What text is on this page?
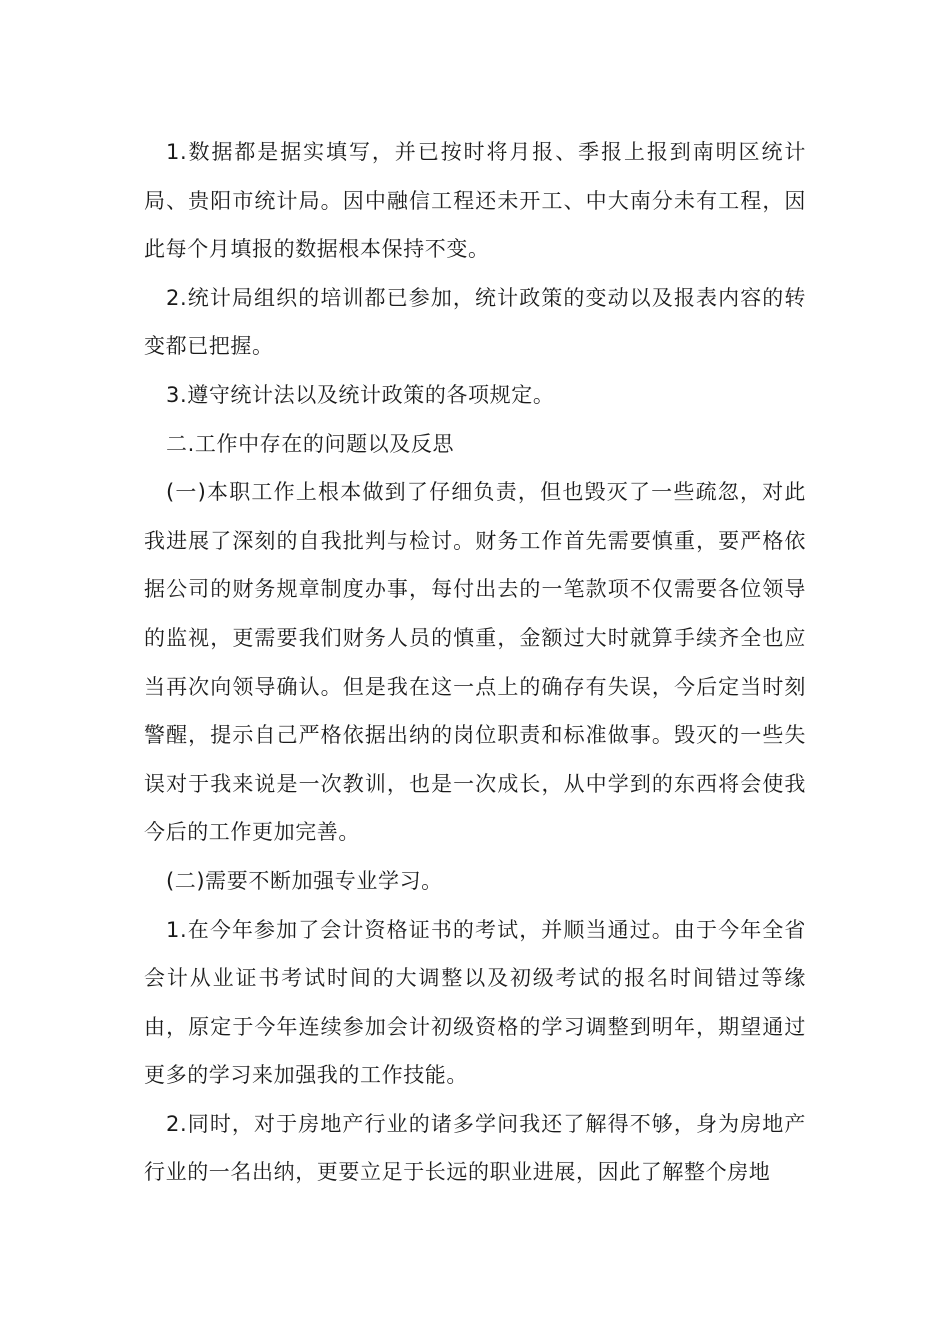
1.数据都是据实填写，并已按时将月报、季报上报到南明区统计局、贵阳市统计局。因中融信工程还未开工、中大南分未有工程，因此每个月填报的数据根本保持不变。

2.统计局组织的培训都已参加，统计政策的变动以及报表内容的转变都已把握。

3.遵守统计法以及统计政策的各项规定。

二.工作中存在的问题以及反思

(一)本职工作上根本做到了仔细负责，但也毁灭了一些疏忽，对此我进展了深刻的自我批判与检讨。财务工作首先需要慎重，要严格依据公司的财务规章制度办事，每付出去的一笔款项不仅需要各位领导的监视，更需要我们财务人员的慎重，金额过大时就算手续齐全也应当再次向领导确认。但是我在这一点上的确存有失误，今后定当时刻警醒，提示自己严格依据出纳的岗位职责和标准做事。毁灭的一些失误对于我来说是一次教训，也是一次成长，从中学到的东西将会使我今后的工作更加完善。

(二)需要不断加强专业学习。

1.在今年参加了会计资格证书的考试，并顺当通过。由于今年全省会计从业证书考试时间的大调整以及初级考试的报名时间错过等缘由，原定于今年连续参加会计初级资格的学习调整到明年，期望通过更多的学习来加强我的工作技能。

2.同时，对于房地产行业的诸多学问我还了解得不够，身为房地产行业的一名出纳，更要立足于长远的职业进展，因此了解整个房地
